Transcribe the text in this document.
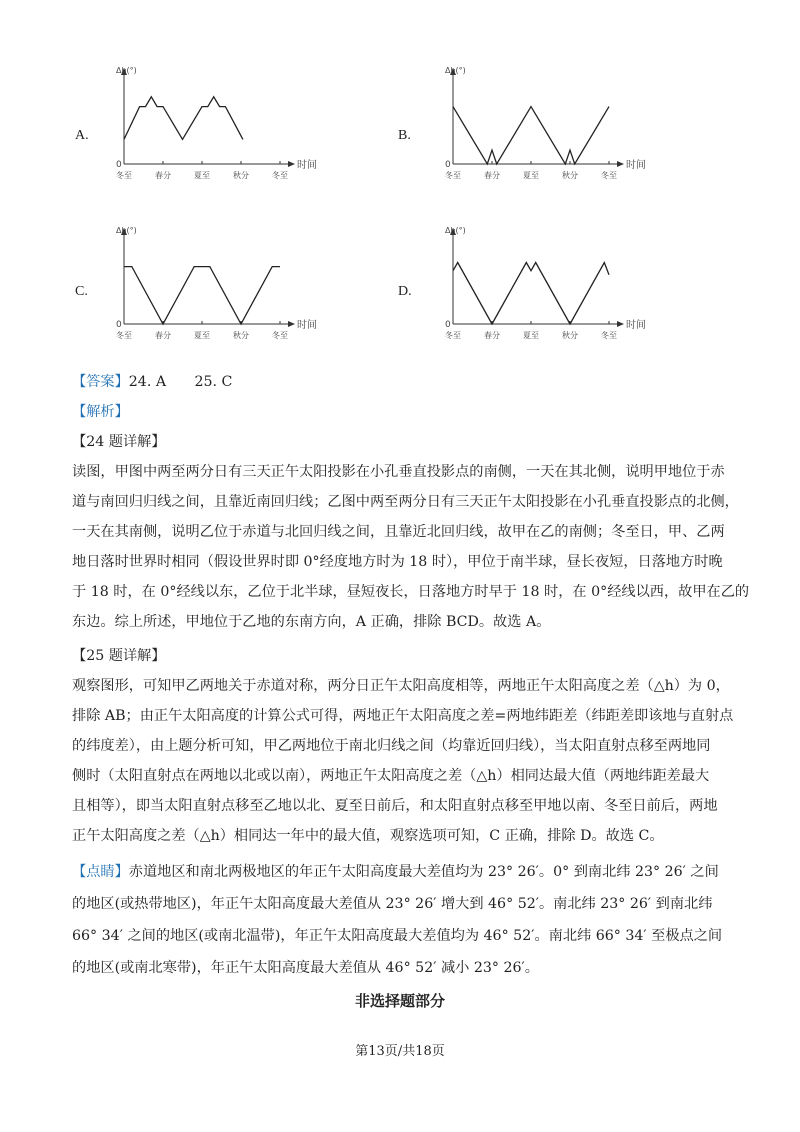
A.
Δh(°)
时间
0
冬至	春分	夏至	秋分	冬至
B.
Δh(°)
时间
0
冬至	春分	夏至	秋分	冬至
C.
Δh(°)
时间
0
冬至	春分	夏至	秋分	冬至
D.
Δh(°)
时间
0
冬至	春分	夏至	秋分	冬至
【答案】24. A　　25. C
【解析】
【24 题详解】
读图，甲图中两至两分日有三天正午太阳投影在小孔垂直投影点的南侧，一天在其北侧，说明甲地位于赤
道与南回归归线之间，且靠近南回归线；乙图中两至两分日有三天正午太阳投影在小孔垂直投影点的北侧，
一天在其南侧，说明乙位于赤道与北回归线之间，且靠近北回归线，故甲在乙的南侧；冬至日，甲、乙两
地日落时世界时相同（假设世界时即 0°经度地方时为 18 时），甲位于南半球，昼长夜短，日落地方时晚
于 18 时，在 0°经线以东，乙位于北半球，昼短夜长，日落地方时早于 18 时，在 0°经线以西，故甲在乙的
东边。综上所述，甲地位于乙地的东南方向，A 正确，排除 BCD。故选 A。
【25 题详解】
观察图形，可知甲乙两地关于赤道对称，两分日正午太阳高度相等，两地正午太阳高度之差（△h）为 0，
排除 AB；由正午太阳高度的计算公式可得，两地正午太阳高度之差=两地纬距差（纬距差即该地与直射点
的纬度差），由上题分析可知，甲乙两地位于南北归线之间（均靠近回归线），当太阳直射点移至两地同
侧时（太阳直射点在两地以北或以南），两地正午太阳高度之差（△h）相同达最大值（两地纬距差最大
且相等），即当太阳直射点移至乙地以北、夏至日前后，和太阳直射点移至甲地以南、冬至日前后，两地
正午太阳高度之差（△h）相同达一年中的最大值，观察选项可知，C 正确，排除 D。故选 C。
【点睛】赤道地区和南北两极地区的年正午太阳高度最大差值均为 23° 26′。0° 到南北纬 23° 26′ 之间
的地区(或热带地区)，年正午太阳高度最大差值从 23° 26′ 增大到 46° 52′。南北纬 23° 26′ 到南北纬
66° 34′ 之间的地区(或南北温带)，年正午太阳高度最大差值均为 46° 52′。南北纬 66° 34′ 至极点之间
的地区(或南北寒带)，年正午太阳高度最大差值从 46° 52′ 减小 23° 26′。
非选择题部分
第13页/共18页
